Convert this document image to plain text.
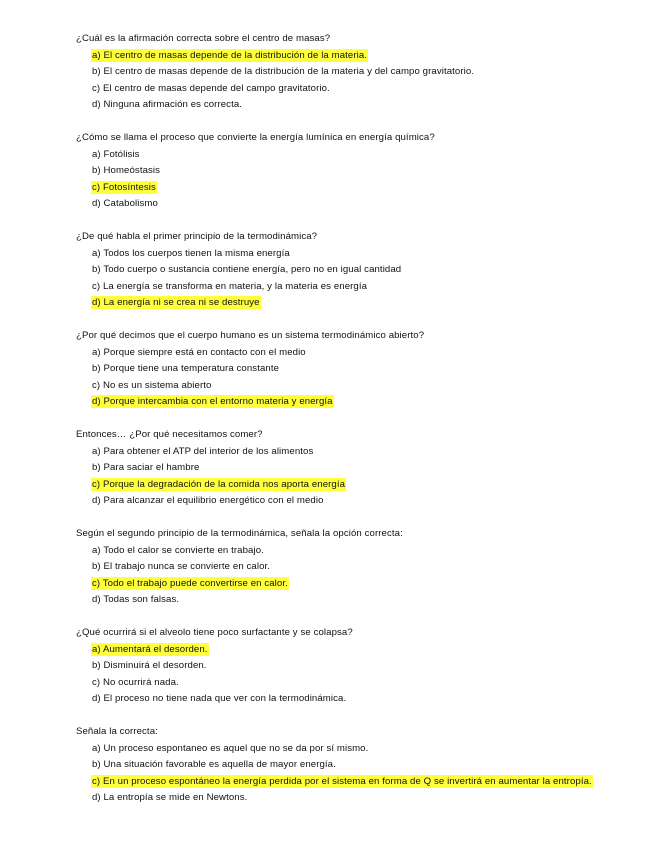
¿Cuál es la afirmación correcta sobre el centro de masas?
a) El centro de masas depende de la distribución de la materia.
b) El centro de masas depende de la distribución de la materia y del campo gravitatorio.
c) El centro de masas depende del campo gravitatorio.
d) Ninguna afirmación es correcta.
¿Cómo se llama el proceso que convierte la energía lumínica en energía química?
a) Fotólisis
b) Homeóstasis
c) Fotosíntesis
d) Catabolismo
¿De qué habla el primer principio de la termodinámica?
a) Todos los cuerpos tienen la misma energía
b) Todo cuerpo o sustancia contiene energía, pero no en igual cantidad
c) La energía se transforma en materia, y la materia es energía
d) La energía ni se crea ni se destruye
¿Por qué decimos que el cuerpo humano es un sistema termodinámico abierto?
a) Porque siempre está en contacto con el medio
b) Porque tiene una temperatura constante
c) No es un sistema abierto
d) Porque intercambia con el entorno materia y energía
Entonces… ¿Por qué necesitamos comer?
a) Para obtener el ATP del interior de los alimentos
b) Para saciar el hambre
c) Porque la degradación de la comida nos aporta energía
d) Para alcanzar el equilibrio energético con el medio
Según el segundo principio de la termodinámica, señala la opción correcta:
a) Todo el calor se convierte en trabajo.
b) El trabajo nunca se convierte en calor.
c) Todo el trabajo puede convertirse en calor.
d) Todas son falsas.
¿Qué ocurrirá si el alveolo tiene poco surfactante y se colapsa?
a) Aumentará el desorden.
b) Disminuirá el desorden.
c) No ocurrirá nada.
d) El proceso no tiene nada que ver con la termodinámica.
Señala la correcta:
a) Un proceso espontaneo es aquel que no se da por sí mismo.
b) Una situación favorable es aquella de mayor energía.
c) En un proceso espontáneo la energía perdida por el sistema en forma de Q se invertirá en aumentar la entropía.
d) La entropía se mide en Newtons.
